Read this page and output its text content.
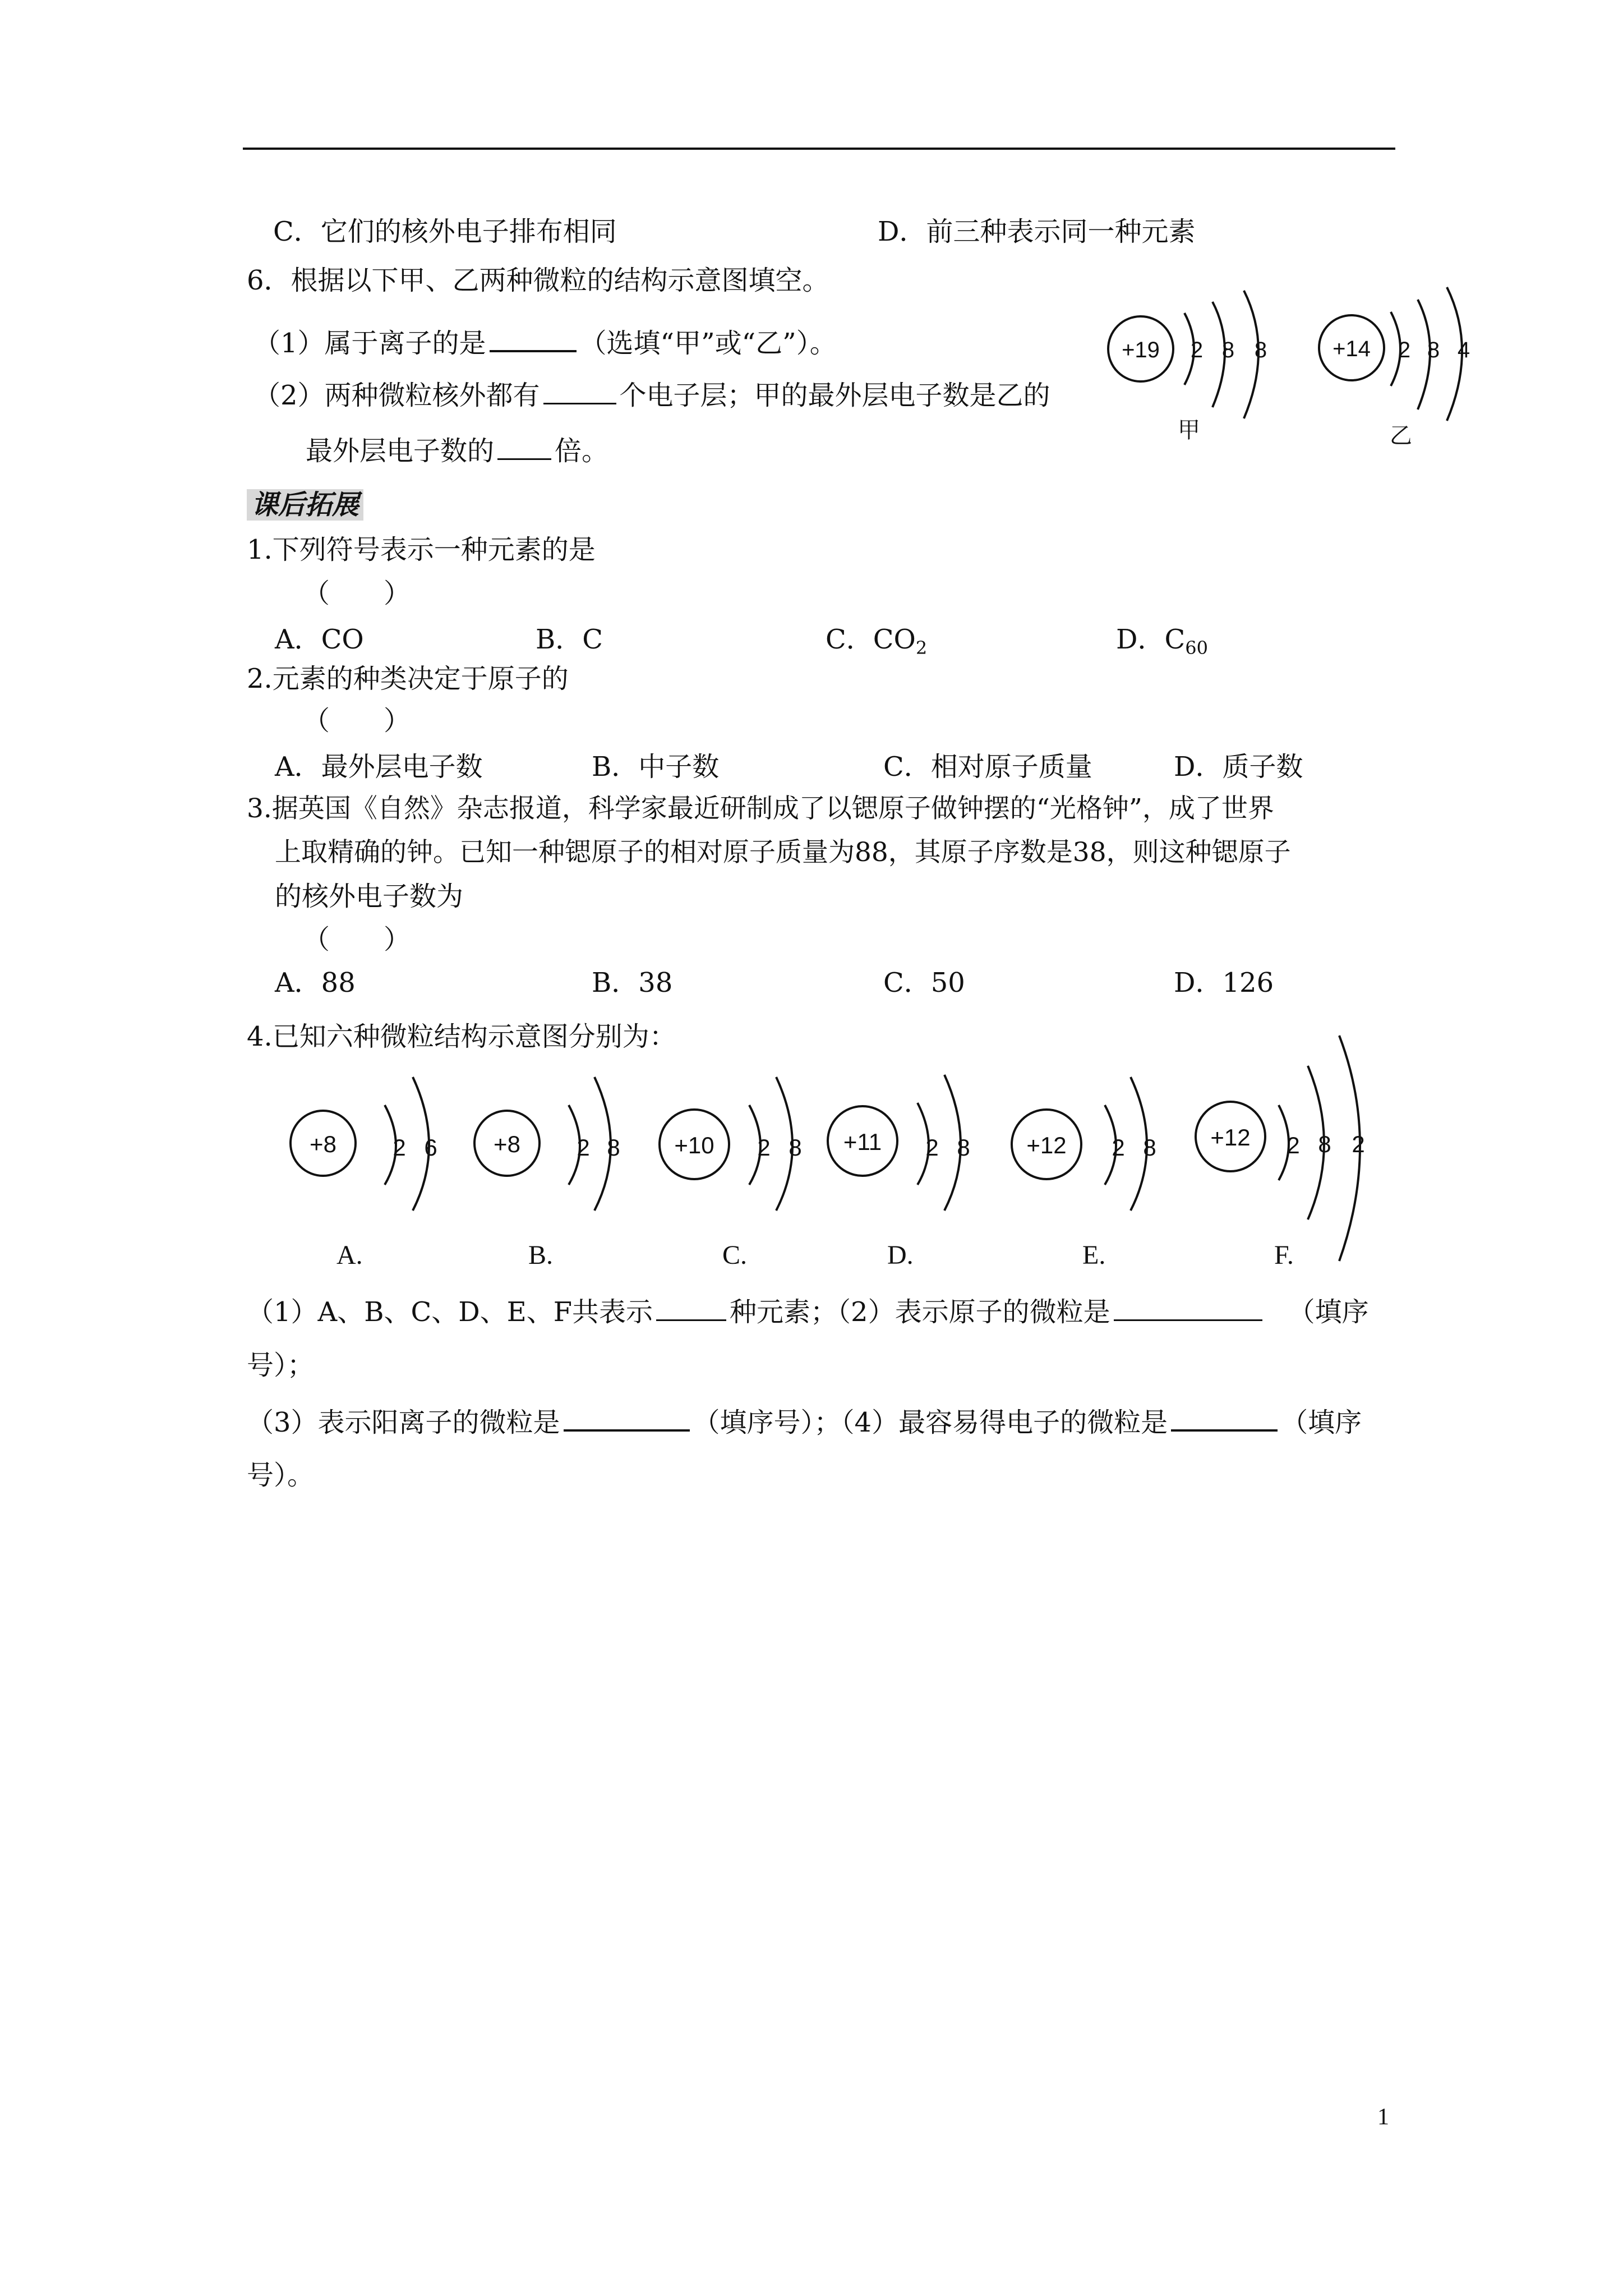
C．它们的核外电子排布相同	D．前三种表示同一种元素
6．根据以下甲、乙两种微粒的结构示意图填空。
（1）属于离子的是	（选填“甲”或“乙”）。
（2）两种微粒核外都有	个电子层；甲的最外层电子数是乙的
最外层电子数的 倍。
+19 2 8 8	+14 2 8 4
甲	乙
课后拓展
1.下列符号表示一种元素的是
（　　）
A．CO	B．C	C．$CO_2$	D．$C_{60}$
2.元素的种类决定于原子的
（　　）
A．最外层电子数	B．中子数	C．相对原子质量	D．质子数
3.据英国《自然》杂志报道，科学家最近研制成了以锶原子做钟摆的“光格钟”，成了世界
上取精确的钟。已知一种锶原子的相对原子质量为88，其原子序数是38，则这种锶原子
的核外电子数为
（　　）
A．88	B．38	C．50	D．126
4.已知六种微粒结构示意图分别为：
+8 2 6 +8 2 8 +10 2 8 +11 2 8 +12 2 8 +12 2 8 2
A.	B.	C.	D.	E.	F.
（1）A、B、C、D、E、F共表示	种元素；（2）表示原子的微粒是	（填序
号）；
（3）表示阳离子的微粒是	（填序号）；（4）最容易得电子的微粒是	（填序
号）。
1
